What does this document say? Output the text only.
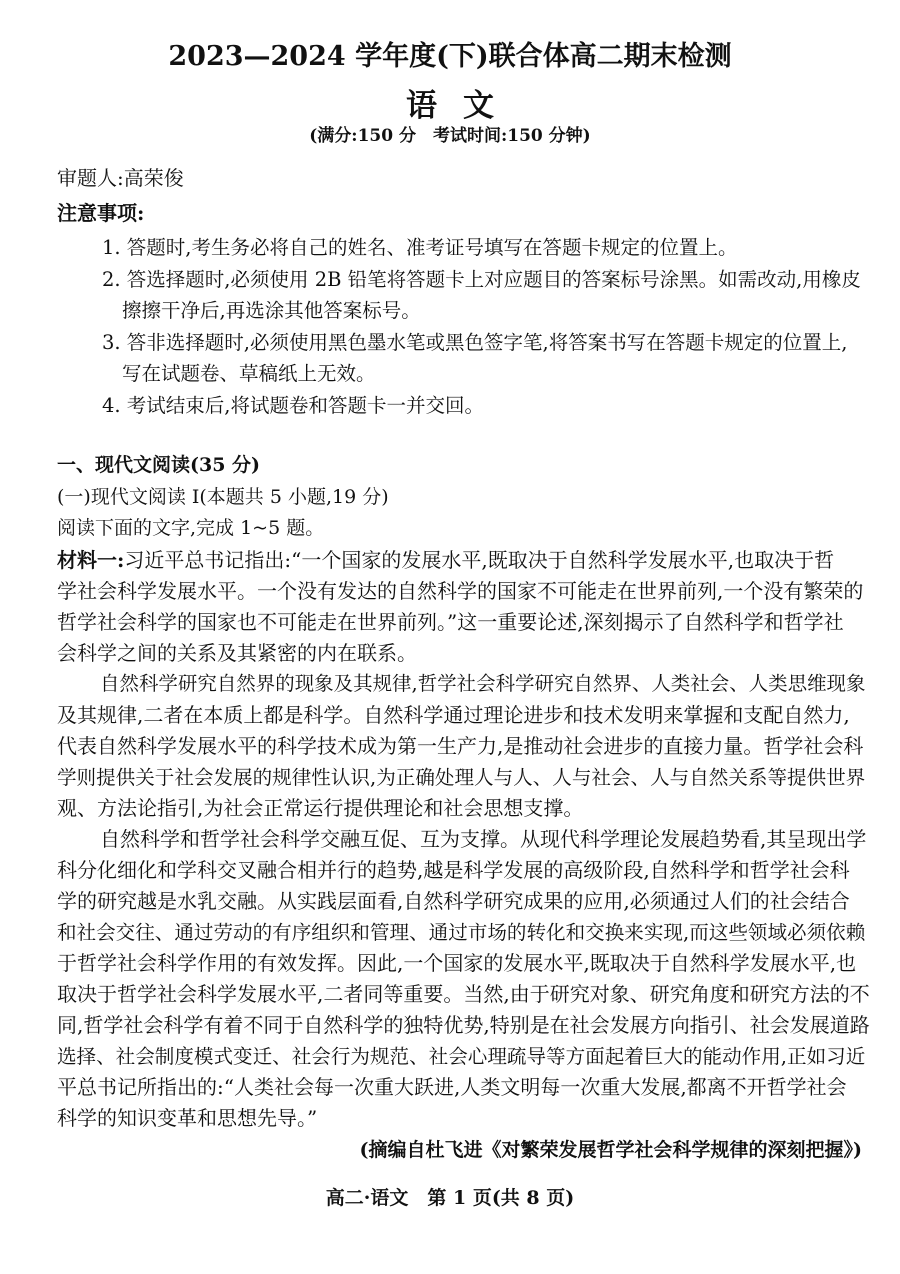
2023—2024 学年度(下)联合体高二期末检测
语文
(满分:150 分　考试时间:150 分钟)
审题人:高荣俊
注意事项:
1. 答题时,考生务必将自己的姓名、准考证号填写在答题卡规定的位置上。
2. 答选择题时,必须使用 2B 铅笔将答题卡上对应题目的答案标号涂黑。如需改动,用橡皮
擦擦干净后,再选涂其他答案标号。
3. 答非选择题时,必须使用黑色墨水笔或黑色签字笔,将答案书写在答题卡规定的位置上,
写在试题卷、草稿纸上无效。
4. 考试结束后,将试题卷和答题卡一并交回。
一、现代文阅读(35 分)
(一)现代文阅读 I(本题共 5 小题,19 分)
阅读下面的文字,完成 1~5 题。
材料一:习近平总书记指出:“一个国家的发展水平,既取决于自然科学发展水平,也取决于哲
学社会科学发展水平。一个没有发达的自然科学的国家不可能走在世界前列,一个没有繁荣的
哲学社会科学的国家也不可能走在世界前列。”这一重要论述,深刻揭示了自然科学和哲学社
会科学之间的关系及其紧密的内在联系。
自然科学研究自然界的现象及其规律,哲学社会科学研究自然界、人类社会、人类思维现象
及其规律,二者在本质上都是科学。自然科学通过理论进步和技术发明来掌握和支配自然力,
代表自然科学发展水平的科学技术成为第一生产力,是推动社会进步的直接力量。哲学社会科
学则提供关于社会发展的规律性认识,为正确处理人与人、人与社会、人与自然关系等提供世界
观、方法论指引,为社会正常运行提供理论和社会思想支撑。
自然科学和哲学社会科学交融互促、互为支撑。从现代科学理论发展趋势看,其呈现出学
科分化细化和学科交叉融合相并行的趋势,越是科学发展的高级阶段,自然科学和哲学社会科
学的研究越是水乳交融。从实践层面看,自然科学研究成果的应用,必须通过人们的社会结合
和社会交往、通过劳动的有序组织和管理、通过市场的转化和交换来实现,而这些领域必须依赖
于哲学社会科学作用的有效发挥。因此,一个国家的发展水平,既取决于自然科学发展水平,也
取决于哲学社会科学发展水平,二者同等重要。当然,由于研究对象、研究角度和研究方法的不
同,哲学社会科学有着不同于自然科学的独特优势,特别是在社会发展方向指引、社会发展道路
选择、社会制度模式变迁、社会行为规范、社会心理疏导等方面起着巨大的能动作用,正如习近
平总书记所指出的:“人类社会每一次重大跃进,人类文明每一次重大发展,都离不开哲学社会
科学的知识变革和思想先导。”
(摘编自杜飞进《对繁荣发展哲学社会科学规律的深刻把握》)
高二·语文　第 1 页(共 8 页)
